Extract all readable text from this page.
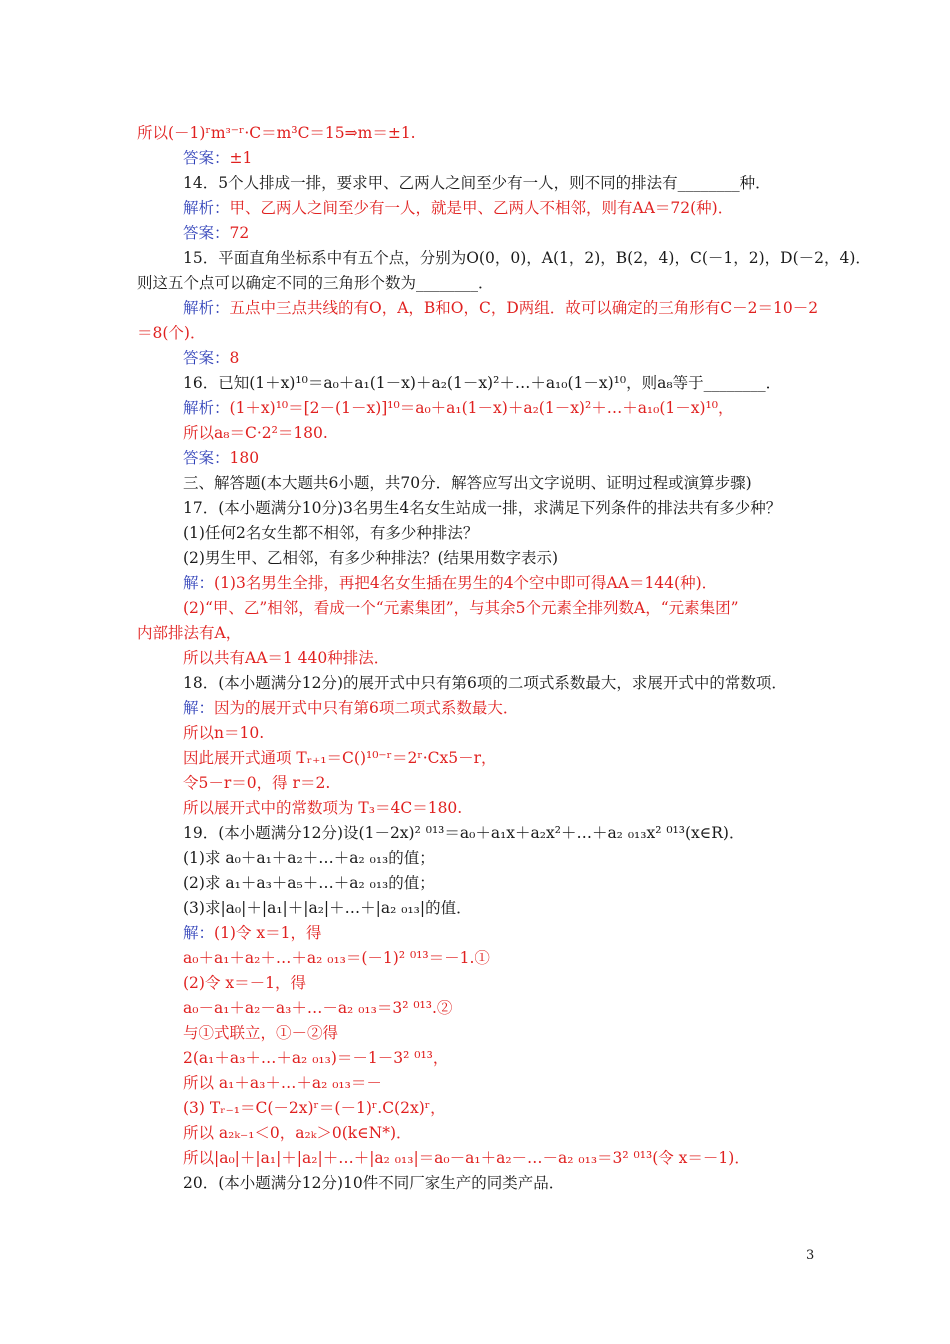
所以(－1)ʳmᶟ⁻ʳ·C＝m³C＝15⇒m＝±1.
答案：±1
14．5个人排成一排，要求甲、乙两人之间至少有一人，则不同的排法有________种．
解析：甲、乙两人之间至少有一人，就是甲、乙两人不相邻，则有AA＝72(种)．
答案：72
15．平面直角坐标系中有五个点，分别为O(0，0)，A(1，2)，B(2，4)，C(－1，2)，D(－2，4)．
则这五个点可以确定不同的三角形个数为________．
解析：五点中三点共线的有O，A，B和O，C，D两组．故可以确定的三角形有C－2＝10－2
＝8(个)．
答案：8
16．已知(1＋x)¹⁰＝a₀＋a₁(1－x)＋a₂(1－x)²＋…＋a₁₀(1－x)¹⁰，则a₈等于________．
解析：(1＋x)¹⁰＝[2－(1－x)]¹⁰＝a₀＋a₁(1－x)＋a₂(1－x)²＋…＋a₁₀(1－x)¹⁰，
所以a₈＝C·2²＝180.
答案：180
三、解答题(本大题共6小题，共70分．解答应写出文字说明、证明过程或演算步骤)
17．(本小题满分10分)3名男生4名女生站成一排，求满足下列条件的排法共有多少种？
(1)任何2名女生都不相邻，有多少种排法？
(2)男生甲、乙相邻，有多少种排法？(结果用数字表示)
解：(1)3名男生全排，再把4名女生插在男生的4个空中即可得AA＝144(种)．
(2)“甲、乙”相邻，看成一个“元素集团”，与其余5个元素全排列数A，“元素集团”
内部排法有A，
所以共有AA＝1 440种排法．
18．(本小题满分12分)的展开式中只有第6项的二项式系数最大，求展开式中的常数项．
解：因为的展开式中只有第6项二项式系数最大．
所以n＝10.
因此展开式通项 Tᵣ₊₁＝C()¹⁰⁻ʳ＝2ʳ·Cx5－r，
令5－r＝0，得 r＝2.
所以展开式中的常数项为 T₃＝4C＝180.
19．(本小题满分12分)设(1－2x)² ⁰¹³＝a₀＋a₁x＋a₂x²＋…＋a₂ ₀₁₃x² ⁰¹³(x∈R)．
(1)求 a₀＋a₁＋a₂＋…＋a₂ ₀₁₃的值；
(2)求 a₁＋a₃＋a₅＋…＋a₂ ₀₁₃的值；
(3)求|a₀|＋|a₁|＋|a₂|＋…＋|a₂ ₀₁₃|的值．
解：(1)令 x＝1，得
a₀＋a₁＋a₂＋…＋a₂ ₀₁₃＝(－1)² ⁰¹³＝－1.①
(2)令 x＝－1，得
a₀－a₁＋a₂－a₃＋…－a₂ ₀₁₃＝3² ⁰¹³.②
与①式联立，①－②得
2(a₁＋a₃＋…＋a₂ ₀₁₃)＝－1－3² ⁰¹³，
所以 a₁＋a₃＋…＋a₂ ₀₁₃＝－
(3) Tᵣ₋₁＝C(－2x)ʳ＝(－1)ʳ.C(2x)ʳ，
所以 a₂ₖ₋₁＜0，a₂ₖ＞0(k∈N*)．
所以|a₀|＋|a₁|＋|a₂|＋…＋|a₂ ₀₁₃|＝a₀－a₁＋a₂－…－a₂ ₀₁₃＝3² ⁰¹³(令 x＝－1)．
20．(本小题满分12分)10件不同厂家生产的同类产品．
3
